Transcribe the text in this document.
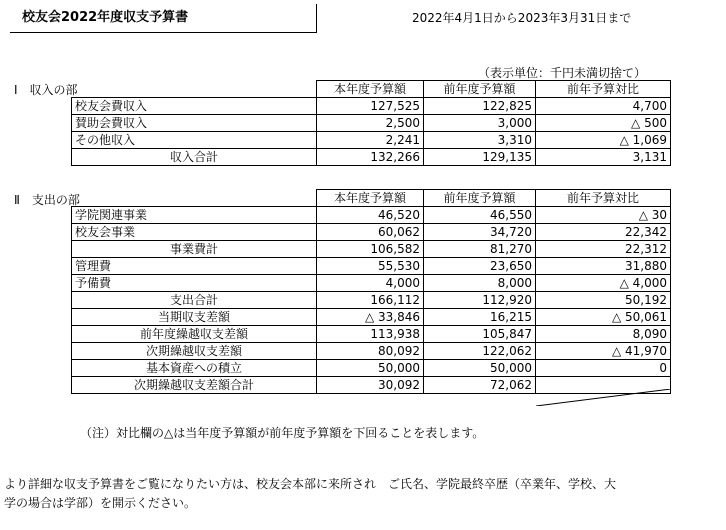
校友会2022年度収支予算書	2022年4月1日から2023年3月31日まで
（表示単位：千円未満切捨て）
Ⅰ　収入の部
Ⅱ　支出の部
	本年度予算額	前年度予算額	前年予算対比
校友会費収入	127,525	122,825	4,700
賛助会費収入	2,500	3,000	△ 500
その他収入	2,241	3,310	△ 1,069
収入合計	132,266	129,135	3,131
	本年度予算額	前年度予算額	前年予算対比
学院関連事業	46,520	46,550	△ 30
校友会事業	60,062	34,720	22,342
事業費計	106,582	81,270	22,312
管理費	55,530	23,650	31,880
予備費	4,000	8,000	△ 4,000
支出合計	166,112	112,920	50,192
当期収支差額	△ 33,846	16,215	△ 50,061
前年度繰越収支差額	113,938	105,847	8,090
次期繰越収支差額	80,092	122,062	△ 41,970
基本資産への積立	50,000	50,000	0
次期繰越収支差額合計	30,092	72,062	
（注）対比欄の△は当年度予算額が前年度予算額を下回ることを表します。
より詳細な収支予算書をご覧になりたい方は、校友会本部に来所され　ご氏名、学院最終卒歴（卒業年、学校、大
学の場合は学部）を開示ください。
